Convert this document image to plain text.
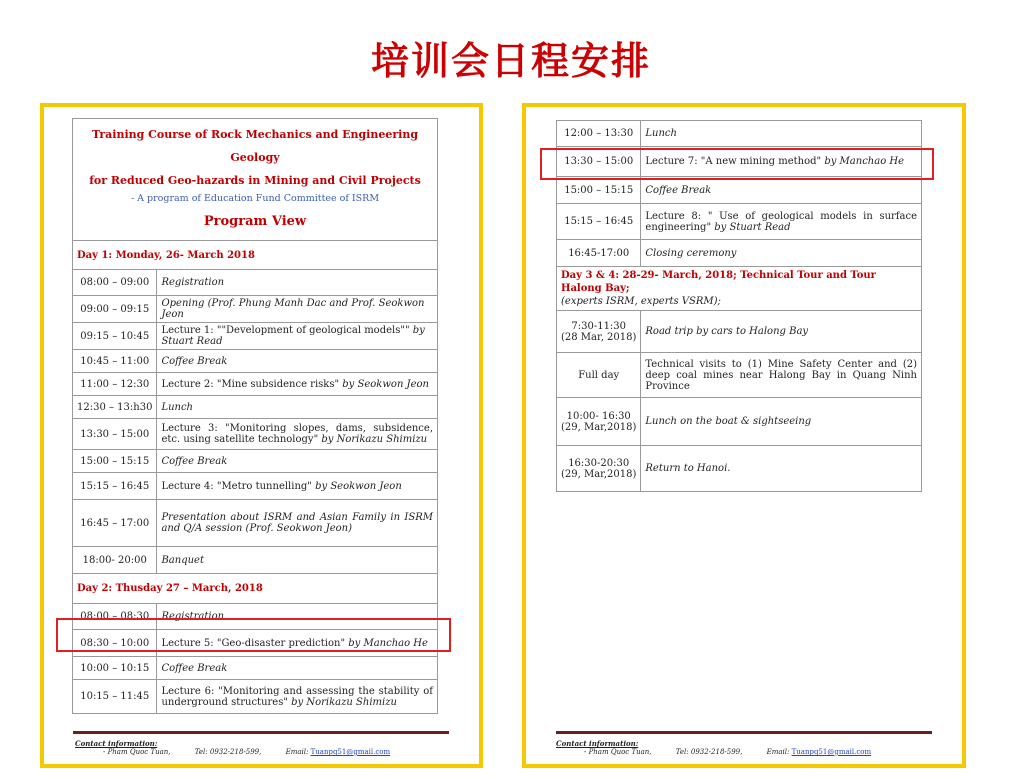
培训会日程安排
Training Course of Rock Mechanics and Engineering Geology
for Reduced Geo-hazards in Mining and Civil Projects
- A program of Education Fund Committee of ISRM
Program View	

Day 1: Monday, 26- March 2018	

08:00 – 09:00	Registration

09:00 – 09:15	Opening (Prof. Phung Manh Dac and Prof. Seokwon Jeon

09:15 – 10:45	Lecture 1: ""Development of geological models"" by Stuart Read

10:45 – 11:00	Coffee Break

11:00 – 12:30	Lecture 2: "Mine subsidence risks" by Seokwon Jeon

12:30 – 13:h30	Lunch

13:30 – 15:00	Lecture 3: "Monitoring slopes, dams, subsidence, etc. using satellite technology" by Norikazu Shimizu

15:00 – 15:15	Coffee Break

15:15 – 16:45	Lecture 4: "Metro tunnelling" by Seokwon Jeon

16:45 – 17:00	Presentation about ISRM and Asian Family in ISRM and Q/A session (Prof. Seokwon Jeon)

18:00- 20:00	Banquet
Day 2: Thusday 27 – March, 2018	

08:00 – 08:30	Registration

08:30 – 10:00	Lecture 5: "Geo-disaster prediction" by Manchao He

10:00 – 10:15	Coffee Break

10:15 – 11:45	Lecture 6: "Monitoring and assessing the stability of underground structures" by Norikazu Shimizu
Contact information:
- Pham Quoc Tuan,	Tel: 0932-218-599,	Email: Tuanpq51@gmail.com
12:00 – 13:30	Lunch

13:30 – 15:00	Lecture 7: "A new mining method" by Manchao He

15:00 – 15:15	Coffee Break

15:15 – 16:45	Lecture 8: " Use of geological models in surface engineering" by Stuart Read

16:45-17:00	Closing ceremony

Day 3 & 4: 28-29- March, 2018; Technical Tour and Tour Halong Bay;
(experts ISRM, experts VSRM);	

7:30-11:30
(28 Mar, 2018)	Road trip by cars to Halong Bay

Full day	Technical visits to (1) Mine Safety Center and (2) deep coal mines near Halong Bay in Quang Ninh Province

10:00- 16:30
(29, Mar,2018)	Lunch on the boat & sightseeing

16:30-20:30
(29, Mar,2018)	Return to Hanoi.
Contact information:
- Pham Quoc Tuan,	Tel: 0932-218-599,	Email: Tuanpq51@gmail.com
